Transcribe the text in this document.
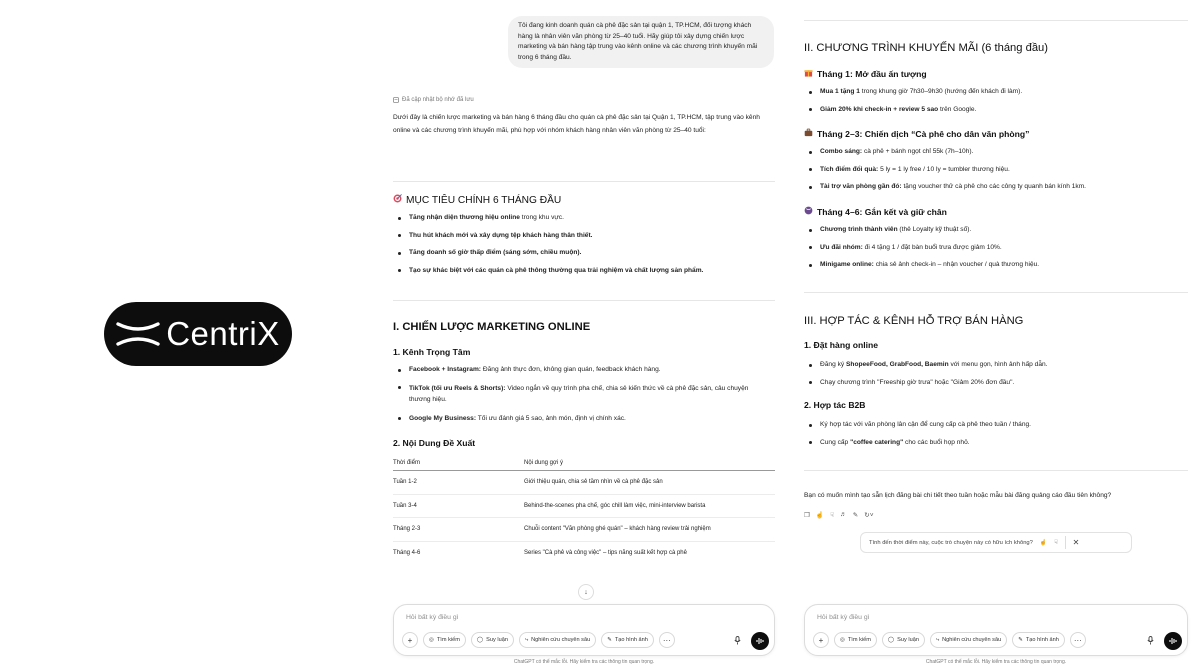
CentriX
Tôi đang kinh doanh quán cà phê đặc sản tại quận 1, TP.HCM, đối tượng khách hàng là nhân viên văn phòng từ 25–40 tuổi. Hãy giúp tôi xây dựng chiến lược marketing và bán hàng tập trung vào kênh online và các chương trình khuyến mãi trong 6 tháng đầu.
Đã cập nhật bộ nhớ đã lưu
Dưới đây là chiến lược marketing và bán hàng 6 tháng đầu cho quán cà phê đặc sản tại Quận 1, TP.HCM, tập trung vào kênh online và các chương trình khuyến mãi, phù hợp với nhóm khách hàng nhân viên văn phòng từ 25–40 tuổi:
MỤC TIÊU CHÍNH 6 THÁNG ĐẦU
Tăng nhận diện thương hiệu online trong khu vực.
Thu hút khách mới và xây dựng tệp khách hàng thân thiết.
Tăng doanh số giờ thấp điểm (sáng sớm, chiều muộn).
Tạo sự khác biệt với các quán cà phê thông thường qua trải nghiệm và chất lượng sản phẩm.
I. CHIẾN LƯỢC MARKETING ONLINE
1. Kênh Trọng Tâm
Facebook + Instagram: Đăng ảnh thực đơn, không gian quán, feedback khách hàng.
TikTok (tối ưu Reels & Shorts): Video ngắn về quy trình pha chế, chia sẻ kiến thức về cà phê đặc sản, câu chuyện thương hiệu.
Google My Business: Tối ưu đánh giá 5 sao, ảnh món, định vị chính xác.
2. Nội Dung Đề Xuất
Thời điểm	Nội dung gợi ý
Tuần 1-2	Giới thiệu quán, chia sẻ tầm nhìn về cà phê đặc sản
Tuần 3-4	Behind-the-scenes pha chế, góc chill làm việc, mini-interview barista
Tháng 2-3	Chuỗi content "Văn phòng ghé quán" – khách hàng review trải nghiệm
Tháng 4-6	Series "Cà phê và công việc" – tips năng suất kết hợp cà phê
↓
Hỏi bất kỳ điều gì
+	◎ Tìm kiếm	◯ Suy luận	⤷ Nghiên cứu chuyên sâu	✎ Tạo hình ảnh ···
ChatGPT có thể mắc lỗi. Hãy kiểm tra các thông tin quan trọng.
II. CHƯƠNG TRÌNH KHUYẾN MÃI (6 tháng đầu)
Tháng 1: Mở đầu ấn tượng
Mua 1 tặng 1 trong khung giờ 7h30–9h30 (hướng đến khách đi làm).
Giảm 20% khi check-in + review 5 sao trên Google.
Tháng 2–3: Chiến dịch “Cà phê cho dân văn phòng”
Combo sáng: cà phê + bánh ngọt chỉ 55k (7h–10h).
Tích điểm đổi quà: 5 ly = 1 ly free / 10 ly = tumbler thương hiệu.
Tài trợ văn phòng gần đó: tặng voucher thử cà phê cho các công ty quanh bán kính 1km.
Tháng 4–6: Gắn kết và giữ chân
Chương trình thành viên (thẻ Loyalty kỹ thuật số).
Ưu đãi nhóm: đi 4 tặng 1 / đặt bàn buổi trưa được giảm 10%.
Minigame online: chia sẻ ảnh check-in – nhận voucher / quà thương hiệu.
III. HỢP TÁC & KÊNH HỖ TRỢ BÁN HÀNG
1. Đặt hàng online
Đăng ký ShopeeFood, GrabFood, Baemin với menu gọn, hình ảnh hấp dẫn.
Chạy chương trình "Freeship giờ trưa" hoặc "Giảm 20% đơn đầu".
2. Hợp tác B2B
Ký hợp tác với văn phòng lân cận để cung cấp cà phê theo tuần / tháng.
Cung cấp "coffee catering" cho các buổi họp nhỏ.
Bạn có muốn mình tạo sẵn lịch đăng bài chi tiết theo tuần hoặc mẫu bài đăng quảng cáo đầu tiên không?
❐ ☝ ☟ ♬ ✎ ↻˅
Tính đến thời điểm này, cuộc trò chuyện này có hữu ích không? ☝ ☟ ✕
Hỏi bất kỳ điều gì
+	◎ Tìm kiếm	◯ Suy luận	⤷ Nghiên cứu chuyên sâu	✎ Tạo hình ảnh ···
ChatGPT có thể mắc lỗi. Hãy kiểm tra các thông tin quan trọng.
